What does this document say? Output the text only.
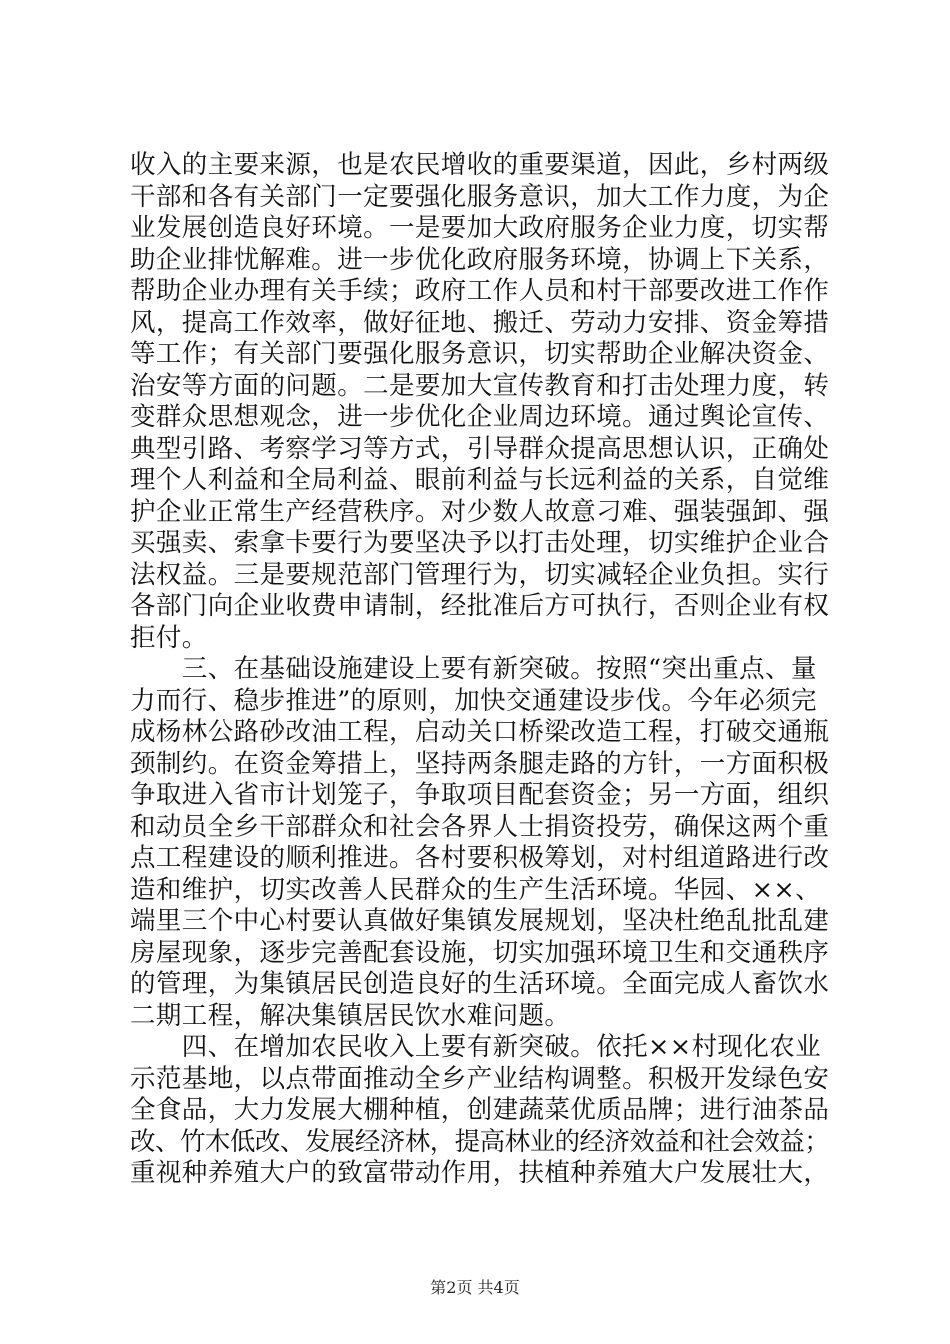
收入的主要来源，也是农民增收的重要渠道，因此，乡村两级
干部和各有关部门一定要强化服务意识，加大工作力度，为企
业发展创造良好环境。一是要加大政府服务企业力度，切实帮
助企业排忧解难。进一步优化政府服务环境，协调上下关系，
帮助企业办理有关手续；政府工作人员和村干部要改进工作作
风，提高工作效率，做好征地、搬迁、劳动力安排、资金筹措
等工作；有关部门要强化服务意识，切实帮助企业解决资金、
治安等方面的问题。二是要加大宣传教育和打击处理力度，转
变群众思想观念，进一步优化企业周边环境。通过舆论宣传、
典型引路、考察学习等方式，引导群众提高思想认识，正确处
理个人利益和全局利益、眼前利益与长远利益的关系，自觉维
护企业正常生产经营秩序。对少数人故意刁难、强装强卸、强
买强卖、索拿卡要行为要坚决予以打击处理，切实维护企业合
法权益。三是要规范部门管理行为，切实减轻企业负担。实行
各部门向企业收费申请制，经批准后方可执行，否则企业有权
拒付。
　　三、在基础设施建设上要有新突破。按照“突出重点、量
力而行、稳步推进”的原则，加快交通建设步伐。今年必须完
成杨林公路砂改油工程，启动关口桥梁改造工程，打破交通瓶
颈制约。在资金筹措上，坚持两条腿走路的方针，一方面积极
争取进入省市计划笼子，争取项目配套资金；另一方面，组织
和动员全乡干部群众和社会各界人士捐资投劳，确保这两个重
点工程建设的顺利推进。各村要积极筹划，对村组道路进行改
造和维护，切实改善人民群众的生产生活环境。华园、××、
端里三个中心村要认真做好集镇发展规划，坚决杜绝乱批乱建
房屋现象，逐步完善配套设施，切实加强环境卫生和交通秩序
的管理，为集镇居民创造良好的生活环境。全面完成人畜饮水
二期工程，解决集镇居民饮水难问题。
　　四、在增加农民收入上要有新突破。依托××村现化农业
示范基地，以点带面推动全乡产业结构调整。积极开发绿色安
全食品，大力发展大棚种植，创建蔬菜优质品牌；进行油茶品
改、竹木低改、发展经济林，提高林业的经济效益和社会效益；
重视种养殖大户的致富带动作用，扶植种养殖大户发展壮大，
第2页 共4页
